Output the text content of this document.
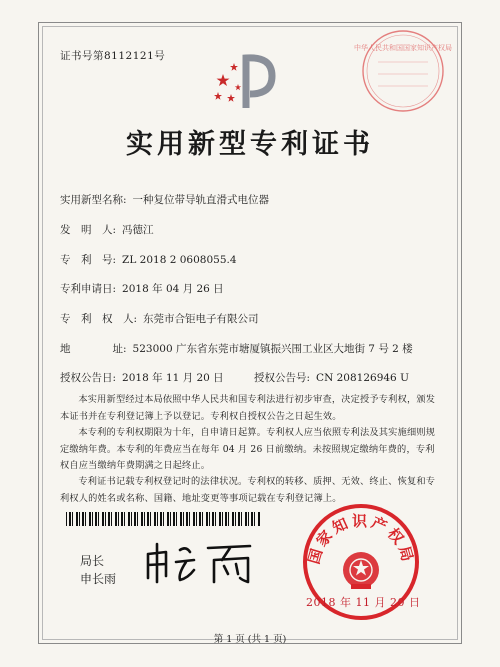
证书号第8112121号
中华人民共和国国家知识产权局
实用新型专利证书
实用新型名称: 一种复位带导轨直滑式电位器
发　明　人: 冯德江
专　利　号: ZL 2018 2 0608055.4
专利申请日: 2018 年 04 月 26 日
专　利　权　人: 东莞市合钜电子有限公司
地　　　　址: 523000 广东省东莞市塘厦镇振兴围工业区大地街 7 号 2 楼
授权公告日: 2018 年 11 月 20 日	授权公告号: CN 208126946 U
本实用新型经过本局依照中华人民共和国专利法进行初步审查，决定授予专利权，颁发本证书并在专利登记簿上予以登记。专利权自授权公告之日起生效。
本专利的专利权期限为十年，自申请日起算。专利权人应当依照专利法及其实施细则规定缴纳年费。本专利的年费应当在每年 04 月 26 日前缴纳。未按照规定缴纳年费的，专利权自应当缴纳年费期满之日起终止。
专利证书记载专利权登记时的法律状况。专利权的转移、质押、无效、终止、恢复和专利权人的姓名或名称、国籍、地址变更等事项记载在专利登记簿上。
局长
申长雨
国家知识产权局
2018 年 11 月 20 日
第 1 页 (共 1 页)
